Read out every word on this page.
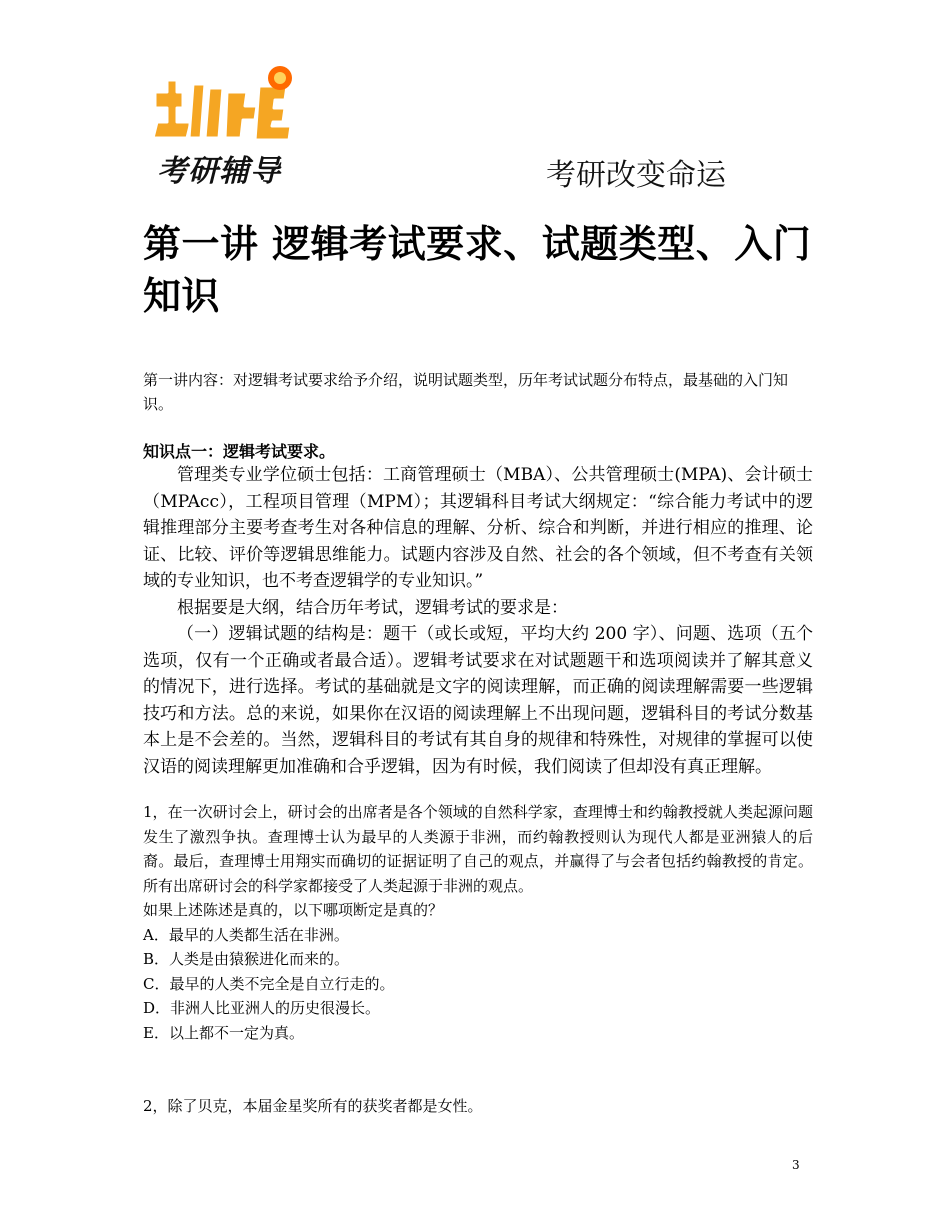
考研辅导	考研改变命运
第一讲 逻辑考试要求、试题类型、入门知识

第一讲内容：对逻辑考试要求给予介绍，说明试题类型，历年考试试题分布特点，最基础的入门知识。

知识点一：逻辑考试要求。

管理类专业学位硕士包括：工商管理硕士（MBA）、公共管理硕士(MPA)、会计硕士（MPAcc），工程项目管理（MPM）；其逻辑科目考试大纲规定：“综合能力考试中的逻辑推理部分主要考查考生对各种信息的理解、分析、综合和判断，并进行相应的推理、论证、比较、评价等逻辑思维能力。试题内容涉及自然、社会的各个领域，但不考查有关领域的专业知识，也不考查逻辑学的专业知识。”

根据要是大纲，结合历年考试，逻辑考试的要求是：

（一）逻辑试题的结构是：题干（或长或短，平均大约 200 字）、问题、选项（五个选项，仅有一个正确或者最合适）。逻辑考试要求在对试题题干和选项阅读并了解其意义的情况下，进行选择。考试的基础就是文字的阅读理解，而正确的阅读理解需要一些逻辑技巧和方法。总的来说，如果你在汉语的阅读理解上不出现问题，逻辑科目的考试分数基本上是不会差的。当然，逻辑科目的考试有其自身的规律和特殊性，对规律的掌握可以使汉语的阅读理解更加准确和合乎逻辑，因为有时候，我们阅读了但却没有真正理解。

1，在一次研讨会上，研讨会的出席者是各个领域的自然科学家，查理博士和约翰教授就人类起源问题发生了激烈争执。查理博士认为最早的人类源于非洲，而约翰教授则认为现代人都是亚洲猿人的后裔。最后，查理博士用翔实而确切的证据证明了自己的观点，并赢得了与会者包括约翰教授的肯定。所有出席研讨会的科学家都接受了人类起源于非洲的观点。

如果上述陈述是真的，以下哪项断定是真的？

A．最早的人类都生活在非洲。

B．人类是由猿猴进化而来的。

C．最早的人类不完全是自立行走的。

D．非洲人比亚洲人的历史很漫长。

E．以上都不一定为真。

2，除了贝克，本届金星奖所有的获奖者都是女性。

3
